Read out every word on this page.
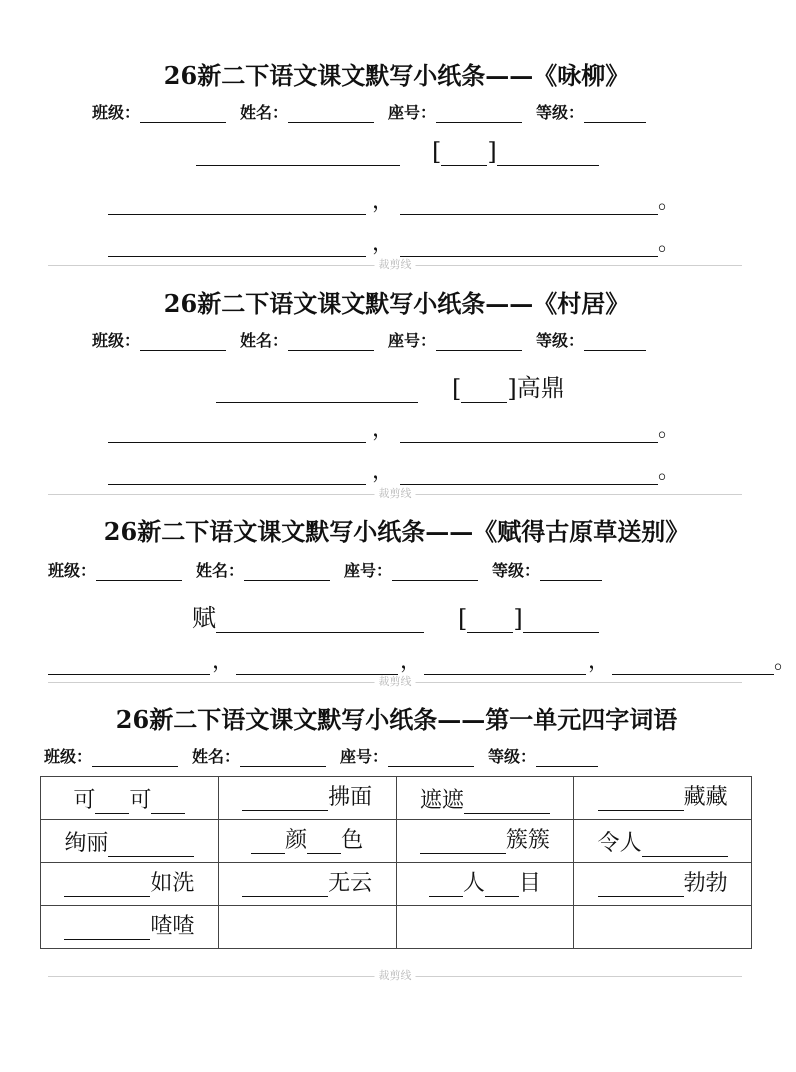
26新二下语文课文默写小纸条——《咏柳》
班级：	姓名：	座号：	等级：
[ ]
，	。
，	。
裁剪线
26新二下语文课文默写小纸条——《村居》
班级：	姓名：	座号：	等级：
[ ] 高鼎
，	。
，	。
裁剪线
26新二下语文课文默写小纸条——《赋得古原草送别》
班级：	姓名：	座号：	等级：
赋	[ ]
，	，	，	。
裁剪线
26新二下语文课文默写小纸条——第一单元四字词语
班级：	姓名：	座号：	等级：
可 可	拂面	遮遮	藏藏

绚丽	颜 色	簇簇	令人

如洗	无云	人 目	勃勃

喳喳			

裁剪线
